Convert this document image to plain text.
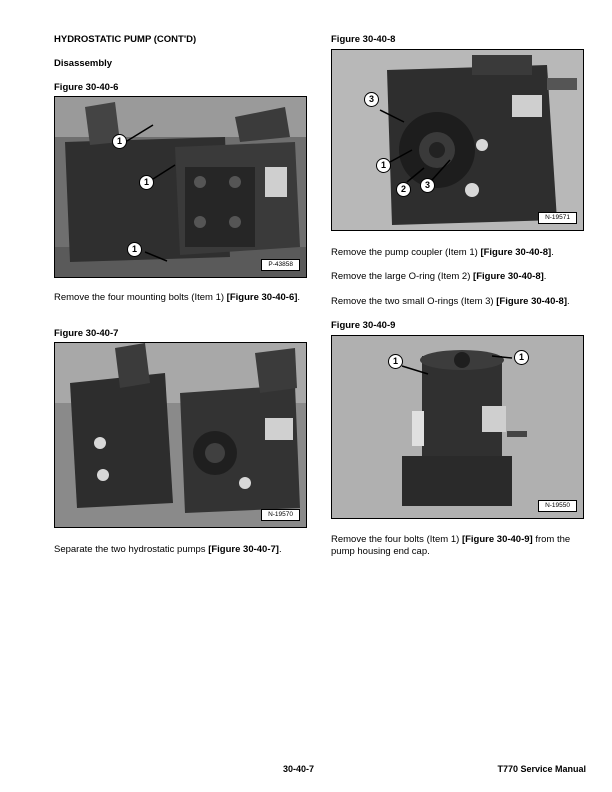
HYDROSTATIC PUMP (CONT'D)
Disassembly
Figure 30-40-6
1
1
1
P-43858
Remove the four mounting bolts (Item 1) [Figure 30-40-6].
Figure 30-40-7
N-19570
Separate the two hydrostatic pumps [Figure 30-40-7].
Figure 30-40-8
3
1
2	3
N-19571
Remove the pump coupler (Item 1) [Figure 30-40-8].
Remove the large O-ring (Item 2) [Figure 30-40-8].
Remove the two small O-rings (Item 3) [Figure 30-40-8].
Figure 30-40-9
1	1
N-19550
Remove the four bolts (Item 1) [Figure 30-40-9] from the pump housing end cap.
30-40-7	T770 Service Manual
